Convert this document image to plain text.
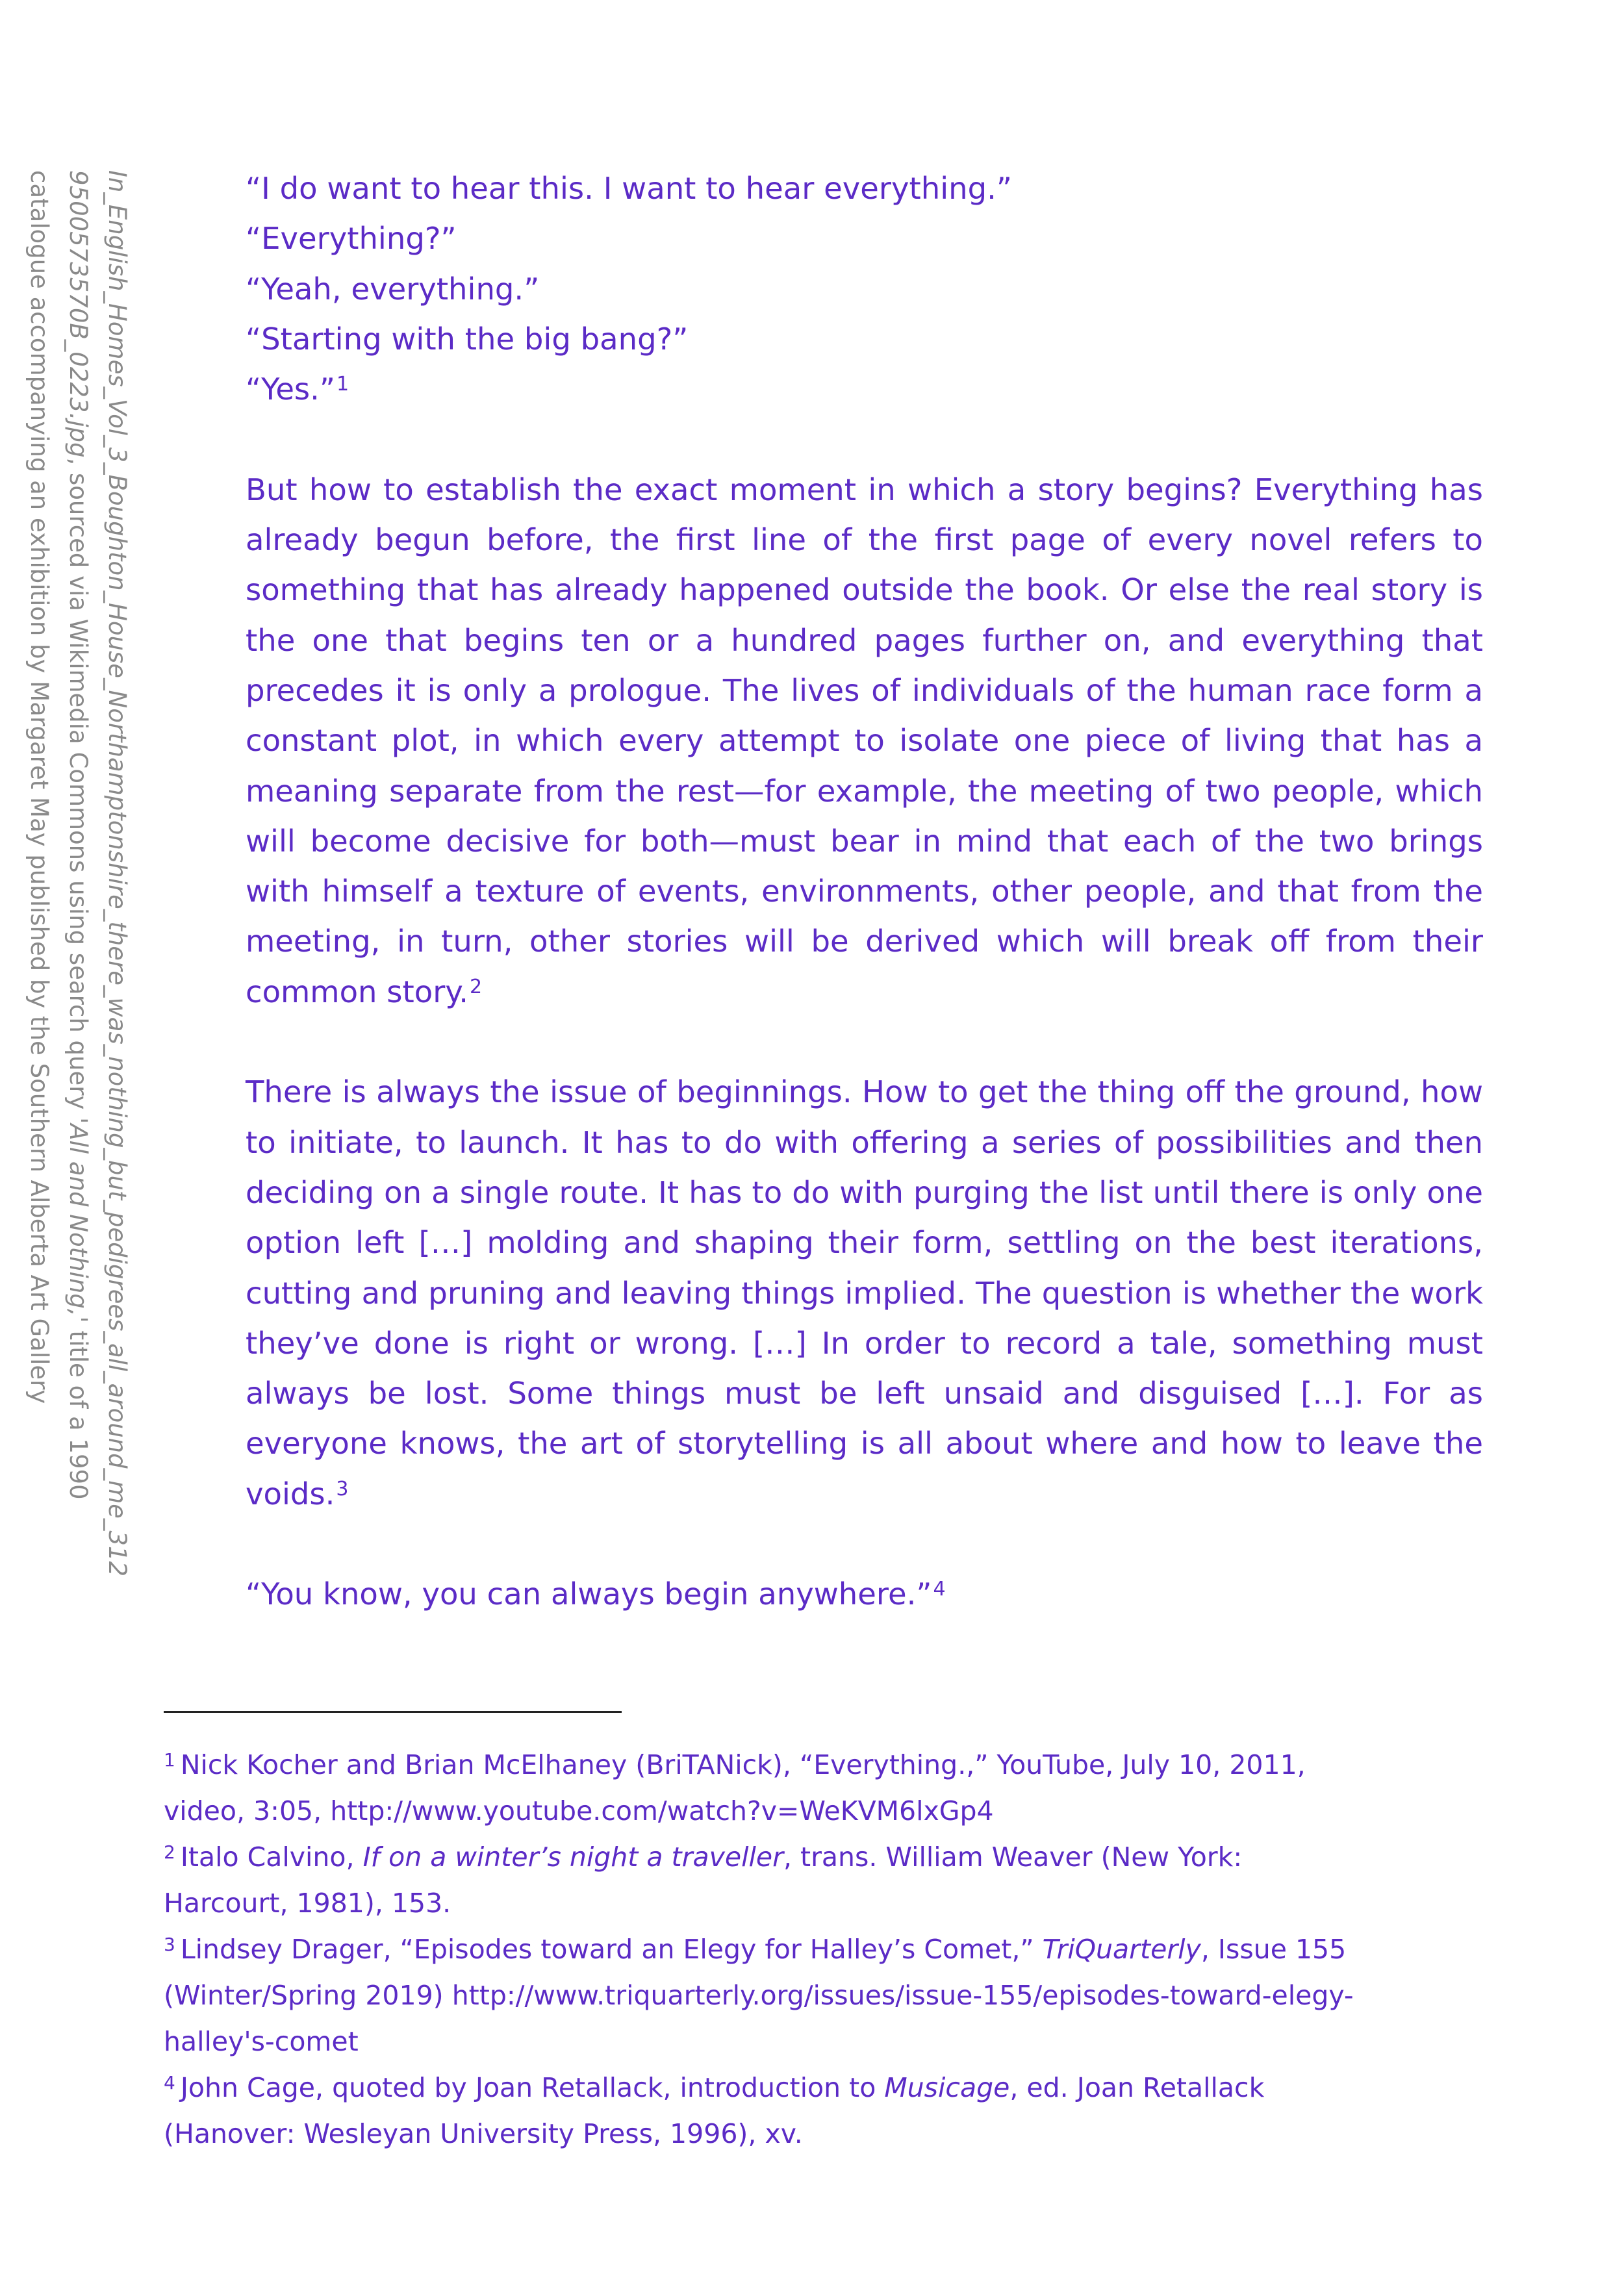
In_English_Homes_Vol_3_Boughton_House_Northamptonshire_there_was_nothing_but_pedigrees_all_around_me_312
9500573570B_0223.jpg, sourced via Wikimedia Commons using search query 'All and Nothing,' title of a 1990
catalogue accompanying an exhibition by Margaret May published by the Southern Alberta Art Gallery	“I do want to hear this. I want to hear everything.”
“Everything?”
“Yeah, everything.”
“Starting with the big bang?”
“Yes.”$^1$
But how to establish the exact moment in which a story begins? Everything has already begun before, the first line of the first page of every novel refers to something that has already happened outside the book. Or else the real story is the one that begins ten or a hundred pages further on, and everything that precedes it is only a prologue. The lives of individuals of the human race form a constant plot, in which every attempt to isolate one piece of living that has a meaning separate from the rest—for example, the meeting of two people, which will become decisive for both—must bear in mind that each of the two brings with himself a texture of events, environments, other people, and that from the meeting, in turn, other stories will be derived which will break off from their common story.$^2$
There is always the issue of beginnings. How to get the thing off the ground, how to initiate, to launch. It has to do with offering a series of possibilities and then deciding on a single route. It has to do with purging the list until there is only one option left […] molding and shaping their form, settling on the best iterations, cutting and pruning and leaving things implied. The question is whether the work they’ve done is right or wrong. […] In order to record a tale, something must always be lost. Some things must be left unsaid and disguised […]. For as everyone knows, the art of storytelling is all about where and how to leave the voids.$^3$
“You know, you can always begin anywhere.”$^4$
$^1$ Nick Kocher and Brian McElhaney (BriTANick), “Everything.,” YouTube, July 10, 2011,
video, 3:05, http://www.youtube.com/watch?v=WeKVM6lxGp4
$^2$ Italo Calvino, If on a winter’s night a traveller, trans. William Weaver (New York:
Harcourt, 1981), 153.
$^3$ Lindsey Drager, “Episodes toward an Elegy for Halley’s Comet,” TriQuarterly, Issue 155
(Winter/Spring 2019) http://www.triquarterly.org/issues/issue-155/episodes-toward-elegy-
halley's-comet
$^4$ John Cage, quoted by Joan Retallack, introduction to Musicage, ed. Joan Retallack
(Hanover: Wesleyan University Press, 1996), xv.
